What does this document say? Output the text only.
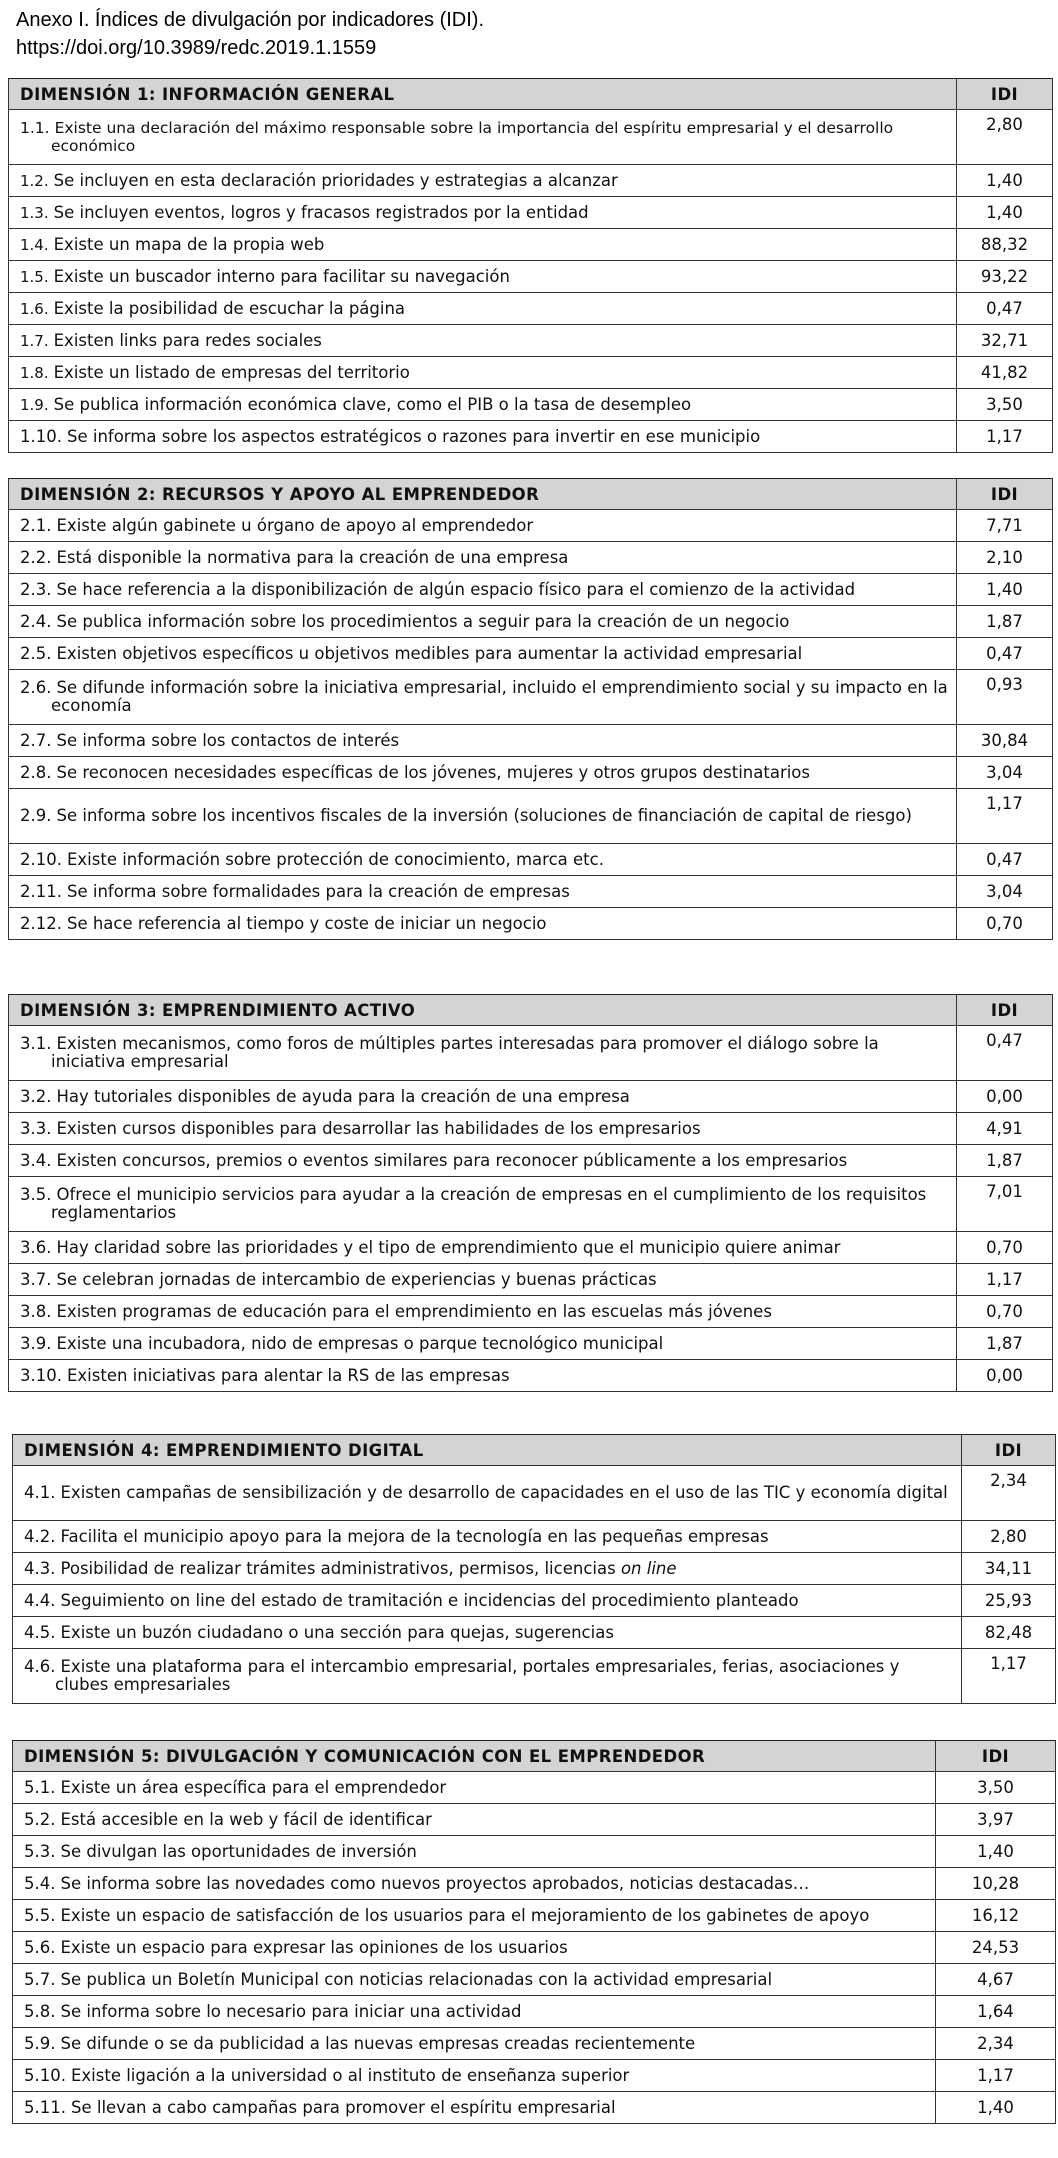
Anexo I. Índices de divulgación por indicadores (IDI).
https://doi.org/10.3989/redc.2019.1.1559
DIMENSIÓN 1: INFORMACIÓN GENERAL	IDI

1.1. Existe una declaración del máximo responsable sobre la importancia del espíritu empresarial y el desarrollo económico	2,80
1.2. Se incluyen en esta declaración prioridades y estrategias a alcanzar	1,40
1.3. Se incluyen eventos, logros y fracasos registrados por la entidad	1,40
1.4. Existe un mapa de la propia web	88,32
1.5. Existe un buscador interno para facilitar su navegación	93,22
1.6. Existe la posibilidad de escuchar la página	0,47
1.7. Existen links para redes sociales	32,71
1.8. Existe un listado de empresas del territorio	41,82
1.9. Se publica información económica clave, como el PIB o la tasa de desempleo	3,50
1.10. Se informa sobre los aspectos estratégicos o razones para invertir en ese municipio	1,17
DIMENSIÓN 2: RECURSOS Y APOYO AL EMPRENDEDOR	IDI
2.1. Existe algún gabinete u órgano de apoyo al emprendedor	7,71
2.2. Está disponible la normativa para la creación de una empresa	2,10
2.3. Se hace referencia a la disponibilización de algún espacio físico para el comienzo de la actividad	1,40
2.4. Se publica información sobre los procedimientos a seguir para la creación de un negocio	1,87
2.5. Existen objetivos específicos u objetivos medibles para aumentar la actividad empresarial	0,47

2.6. Se difunde información sobre la iniciativa empresarial, incluido el emprendimiento social y su impacto en la economía	0,93
2.7. Se informa sobre los contactos de interés	30,84
2.8. Se reconocen necesidades específicas de los jóvenes, mujeres y otros grupos destinatarios	3,04

2.9. Se informa sobre los incentivos fiscales de la inversión (soluciones de financiación de capital de riesgo)	1,17
2.10. Existe información sobre protección de conocimiento, marca etc.	0,47
2.11. Se informa sobre formalidades para la creación de empresas	3,04
2.12. Se hace referencia al tiempo y coste de iniciar un negocio	0,70
DIMENSIÓN 3: EMPRENDIMIENTO ACTIVO	IDI

3.1. Existen mecanismos, como foros de múltiples partes interesadas para promover el diálogo sobre la iniciativa empresarial	0,47
3.2. Hay tutoriales disponibles de ayuda para la creación de una empresa	0,00
3.3. Existen cursos disponibles para desarrollar las habilidades de los empresarios	4,91
3.4. Existen concursos, premios o eventos similares para reconocer públicamente a los empresarios	1,87

3.5. Ofrece el municipio servicios para ayudar a la creación de empresas en el cumplimiento de los requisitos reglamentarios	7,01
3.6. Hay claridad sobre las prioridades y el tipo de emprendimiento que el municipio quiere animar	0,70
3.7. Se celebran jornadas de intercambio de experiencias y buenas prácticas	1,17
3.8. Existen programas de educación para el emprendimiento en las escuelas más jóvenes	0,70
3.9. Existe una incubadora, nido de empresas o parque tecnológico municipal	1,87
3.10. Existen iniciativas para alentar la RS de las empresas	0,00
DIMENSIÓN 4: EMPRENDIMIENTO DIGITAL	IDI

4.1. Existen campañas de sensibilización y de desarrollo de capacidades en el uso de las TIC y economía digital	2,34
4.2. Facilita el municipio apoyo para la mejora de la tecnología en las pequeñas empresas	2,80
4.3. Posibilidad de realizar trámites administrativos, permisos, licencias on line	34,11
4.4. Seguimiento on line del estado de tramitación e incidencias del procedimiento planteado	25,93
4.5. Existe un buzón ciudadano o una sección para quejas, sugerencias	82,48

4.6. Existe una plataforma para el intercambio empresarial, portales empresariales, ferias, asociaciones y clubes empresariales	1,17
DIMENSIÓN 5: DIVULGACIÓN Y COMUNICACIÓN CON EL EMPRENDEDOR	IDI
5.1. Existe un área específica para el emprendedor	3,50
5.2. Está accesible en la web y fácil de identificar	3,97
5.3. Se divulgan las oportunidades de inversión	1,40
5.4. Se informa sobre las novedades como nuevos proyectos aprobados, noticias destacadas…	10,28
5.5. Existe un espacio de satisfacción de los usuarios para el mejoramiento de los gabinetes de apoyo	16,12
5.6. Existe un espacio para expresar las opiniones de los usuarios	24,53
5.7. Se publica un Boletín Municipal con noticias relacionadas con la actividad empresarial	4,67
5.8. Se informa sobre lo necesario para iniciar una actividad	1,64
5.9. Se difunde o se da publicidad a las nuevas empresas creadas recientemente	2,34
5.10. Existe ligación a la universidad o al instituto de enseñanza superior	1,17
5.11. Se llevan a cabo campañas para promover el espíritu empresarial	1,40
